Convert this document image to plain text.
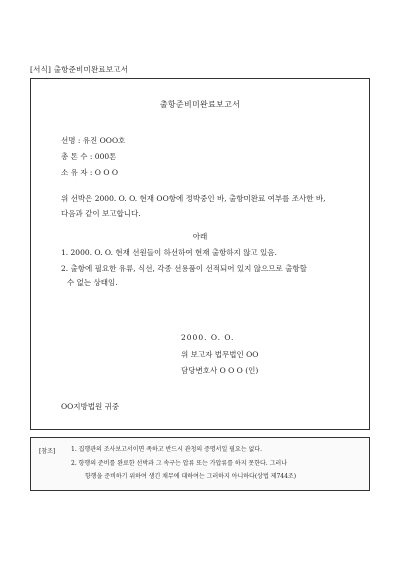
[서식] 출항준비미완료보고서
출항준비미완료보고서
선명 : 유진 OOO호
총 톤 수 : 000톤
소 유 자 : O O O
위 선박은 2000. O. O. 현재 OO항에 정박중인 바, 출항미완료 여부를 조사한 바,
다음과 같이 보고합니다.
아래
1. 2000. O. O. 현재 선원들이 하선하여 현재 출항하지 않고 있음.
2. 출항에 필요한 유류, 식선, 각종 선용품이 선적되어 있지 않으므로 출항할
수 없는 상태임.
2000. O. O.
위 보고자 법무법인 OO
담당변호사 O O O (인)
OO지방법원 귀중
[참조]	1. 집행관의 조사보고서이면 족하고 반드시 관청의 증명서일 필요는 없다.
2. 항행의 준비를 완료한 선박과 그 속구는 압류 또는 가압류를 하지 못한다. 그러나
항행을 준비하기 위하여 생긴 채무에 대하여는 그러하지 아니하다(상법 제744조)
